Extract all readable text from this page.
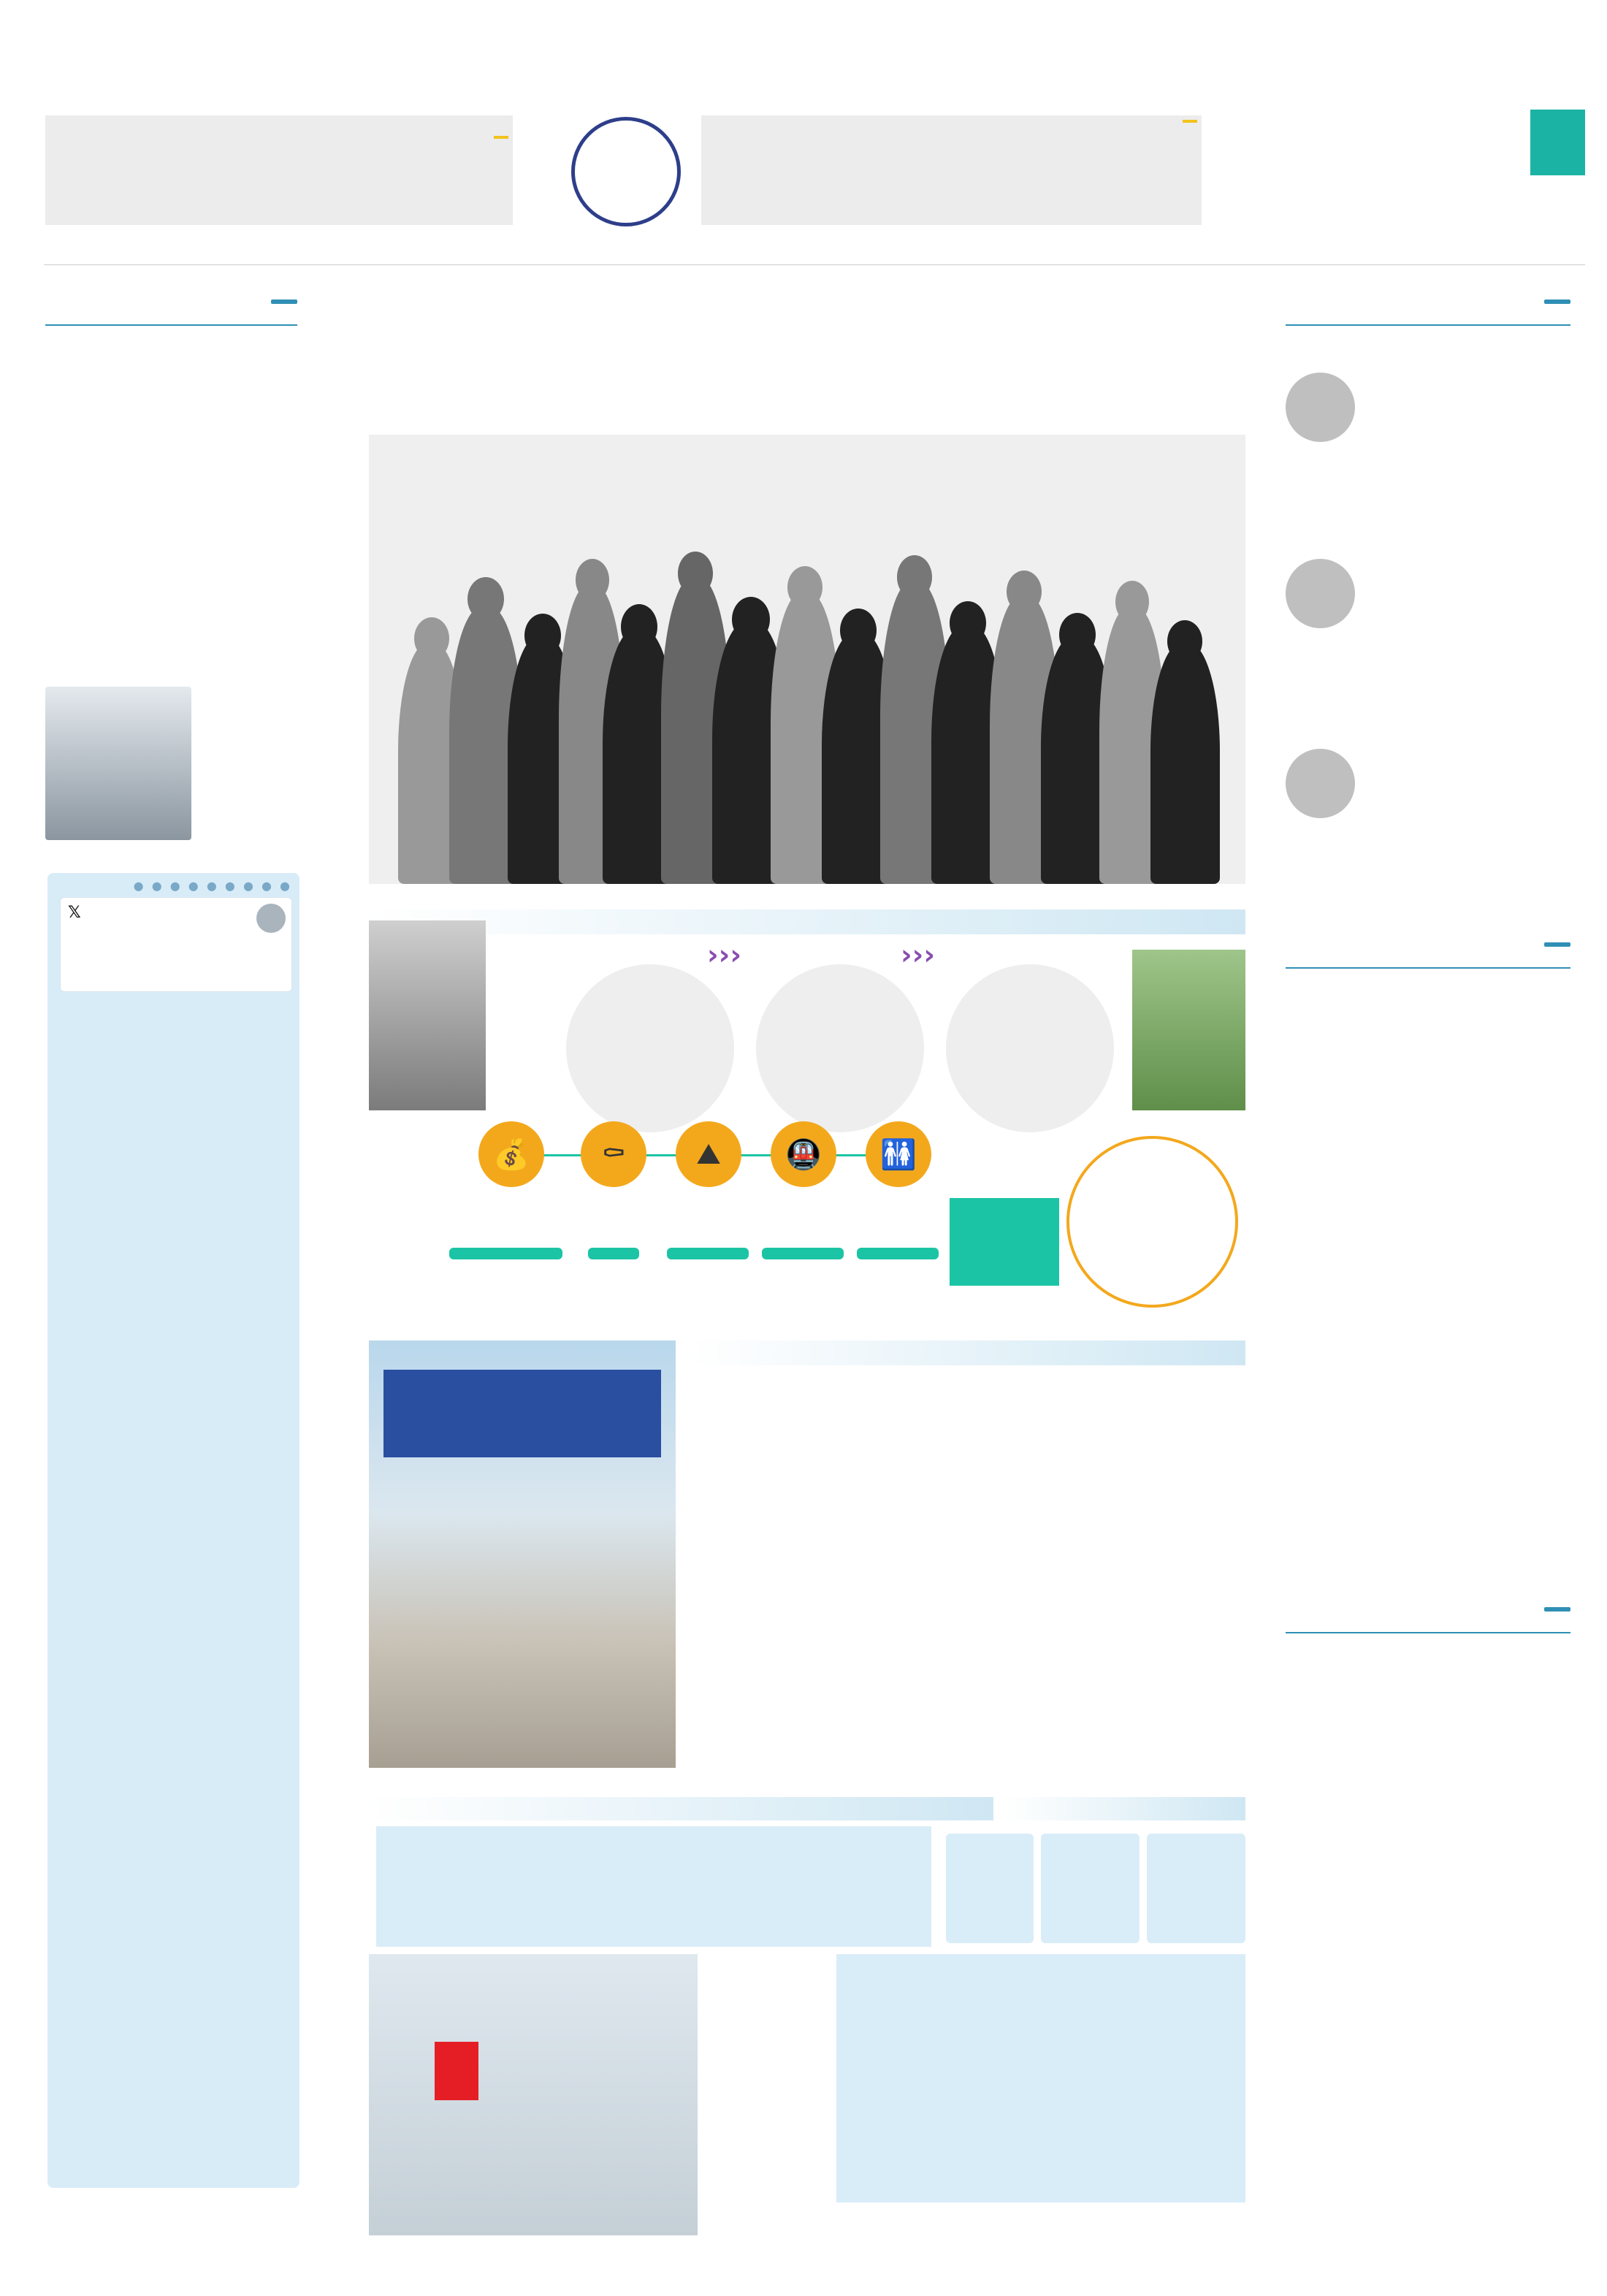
‹‹‹
‹‹‹
🚻
🚇
⛰
⚰
💰
● ● ● ● ● ● ● ● ●
𝕏
